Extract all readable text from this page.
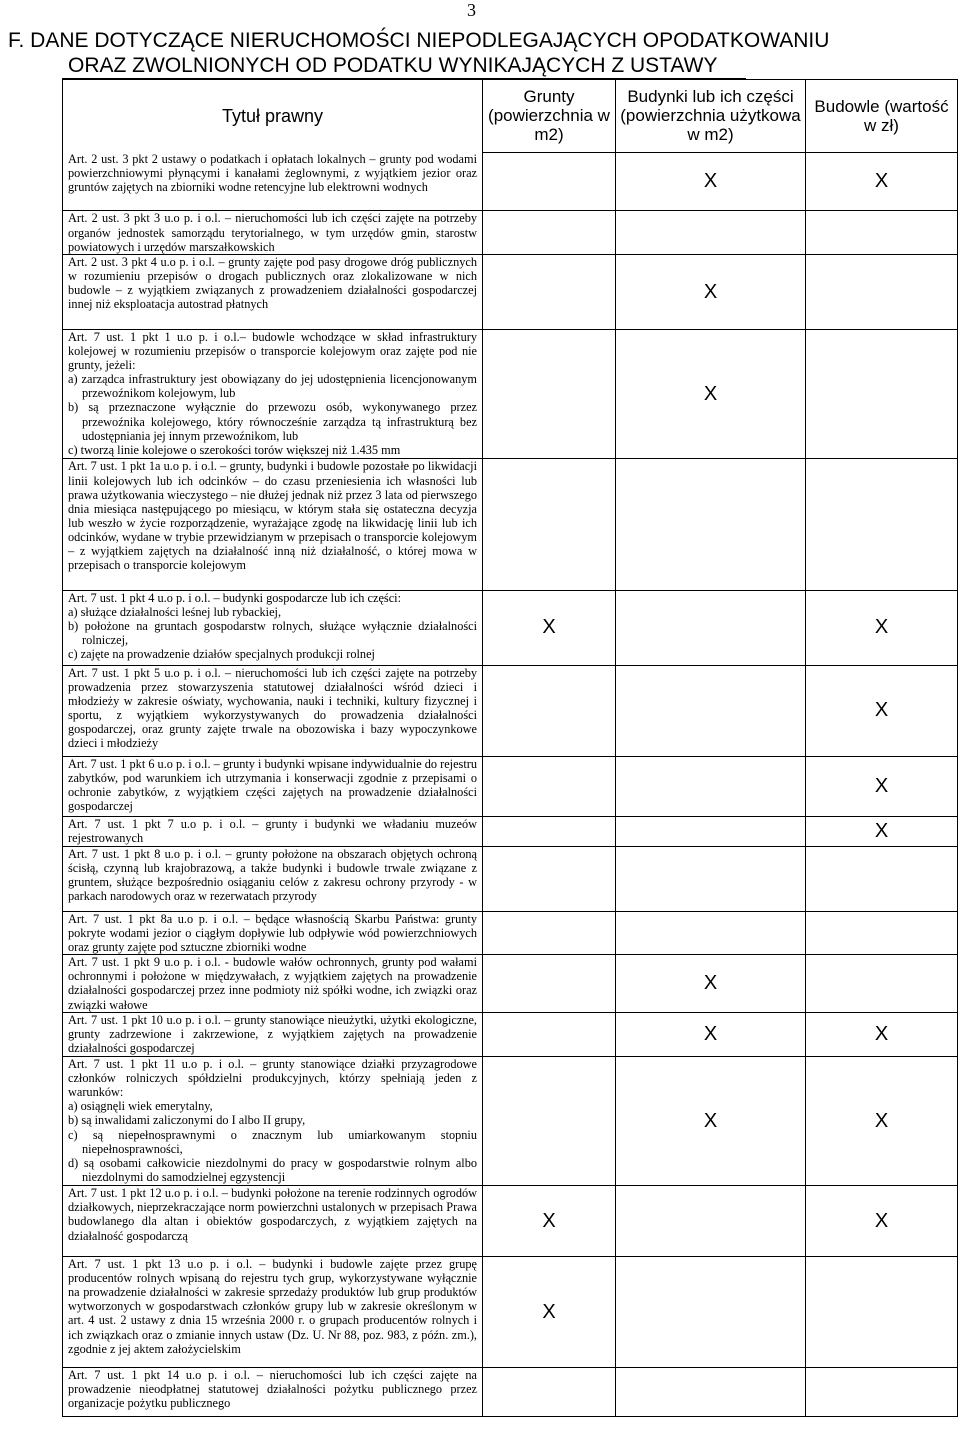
3
F. DANE DOTYCZĄCE NIERUCHOMOŚCI NIEPODLEGAJĄCYCH OPODATKOWANIU
ORAZ ZWOLNIONYCH OD PODATKU WYNIKAJĄCYCH Z USTAWY
Tytuł prawny	Grunty (powierzchnia w m2)	Budynki lub ich części (powierzchnia użytkowa w m2)	Budowle (wartość w zł)
Art. 2 ust. 3 pkt 2 ustawy o podatkach i opłatach lokalnych – grunty pod wodami powierzchniowymi płynącymi i kanałami żeglownymi, z wyjątkiem jezior oraz gruntów zajętych na zbiorniki wodne retencyjne lub elektrowni wodnych		X	X
Art. 2 ust. 3 pkt 3 u.o p. i o.l. – nieruchomości lub ich części zajęte na potrzeby organów jednostek samorządu terytorialnego, w tym urzędów gmin, starostw powiatowych i urzędów marszałkowskich			
Art. 2 ust. 3 pkt 4 u.o p. i o.l. – grunty zajęte pod pasy drogowe dróg publicznych w rozumieniu przepisów o drogach publicznych oraz zlokalizowane w nich budowle – z wyjątkiem związanych z prowadzeniem działalności gospodarczej innej niż eksploatacja autostrad płatnych		X	
Art. 7 ust. 1 pkt 1 u.o p. i o.l.– budowle wchodzące w skład infrastruktury kolejowej w rozumieniu przepisów o transporcie kolejowym oraz zajęte pod nie grunty, jeżeli:
a) zarządca infrastruktury jest obowiązany do jej udostępnienia licencjonowanym przewoźnikom kolejowym, lub
b) są przeznaczone wyłącznie do przewozu osób, wykonywanego przez przewoźnika kolejowego, który równocześnie zarządza tą infrastrukturą bez udostępniania jej innym przewoźnikom, lub
c) tworzą linie kolejowe o szerokości torów większej niż 1.435 mm		X	
Art. 7 ust. 1 pkt 1a u.o p. i o.l. – grunty, budynki i budowle pozostałe po likwidacji linii kolejowych lub ich odcinków – do czasu przeniesienia ich własności lub prawa użytkowania wieczystego – nie dłużej jednak niż przez 3 lata od pierwszego dnia miesiąca następującego po miesiącu, w którym stała się ostateczna decyzja lub weszło w życie rozporządzenie, wyrażające zgodę na likwidację linii lub ich odcinków, wydane w trybie przewidzianym w przepisach o transporcie kolejowym – z wyjątkiem zajętych na działalność inną niż działalność, o której mowa w przepisach o transporcie kolejowym			
Art. 7 ust. 1 pkt 4 u.o p. i o.l. – budynki gospodarcze lub ich części:
a) służące działalności leśnej lub rybackiej,
b) położone na gruntach gospodarstw rolnych, służące wyłącznie działalności rolniczej,
c) zajęte na prowadzenie działów specjalnych produkcji rolnej	X		X
Art. 7 ust. 1 pkt 5 u.o p. i o.l. – nieruchomości lub ich części zajęte na potrzeby prowadzenia przez stowarzyszenia statutowej działalności wśród dzieci i młodzieży w zakresie oświaty, wychowania, nauki i techniki, kultury fizycznej i sportu, z wyjątkiem wykorzystywanych do prowadzenia działalności gospodarczej, oraz grunty zajęte trwale na obozowiska i bazy wypoczynkowe dzieci i młodzieży			X
Art. 7 ust. 1 pkt 6 u.o p. i o.l. – grunty i budynki wpisane indywidualnie do rejestru zabytków, pod warunkiem ich utrzymania i konserwacji zgodnie z przepisami o ochronie zabytków, z wyjątkiem części zajętych na prowadzenie działalności gospodarczej			X
Art. 7 ust. 1 pkt 7 u.o p. i o.l. – grunty i budynki we władaniu muzeów rejestrowanych			X
Art. 7 ust. 1 pkt 8 u.o p. i o.l. – grunty położone na obszarach objętych ochroną ścisłą, czynną lub krajobrazową, a także budynki i budowle trwale związane z gruntem, służące bezpośrednio osiąganiu celów z zakresu ochrony przyrody - w parkach narodowych oraz w rezerwatach przyrody			
Art. 7 ust. 1 pkt 8a u.o p. i o.l. – będące własnością Skarbu Państwa: grunty pokryte wodami jezior o ciągłym dopływie lub odpływie wód powierzchniowych oraz grunty zajęte pod sztuczne zbiorniki wodne			
Art. 7 ust. 1 pkt 9 u.o p. i o.l. - budowle wałów ochronnych, grunty pod wałami ochronnymi i położone w międzywałach, z wyjątkiem zajętych na prowadzenie działalności gospodarczej przez inne podmioty niż spółki wodne, ich związki oraz związki wałowe		X	
Art. 7 ust. 1 pkt 10 u.o p. i o.l. – grunty stanowiące nieużytki, użytki ekologiczne, grunty zadrzewione i zakrzewione, z wyjątkiem zajętych na prowadzenie działalności gospodarczej		X	X
Art. 7 ust. 1 pkt 11 u.o p. i o.l. – grunty stanowiące działki przyzagrodowe członków rolniczych spółdzielni produkcyjnych, którzy spełniają jeden z warunków:
a) osiągnęli wiek emerytalny,
b) są inwalidami zaliczonymi do I albo II grupy,
c) są niepełnosprawnymi o znacznym lub umiarkowanym stopniu niepełnosprawności,
d) są osobami całkowicie niezdolnymi do pracy w gospodarstwie rolnym albo niezdolnymi do samodzielnej egzystencji		X	X
Art. 7 ust. 1 pkt 12 u.o p. i o.l. – budynki położone na terenie rodzinnych ogrodów działkowych, nieprzekraczające norm powierzchni ustalonych w przepisach Prawa budowlanego dla altan i obiektów gospodarczych, z wyjątkiem zajętych na działalność gospodarczą	X		X
Art. 7 ust. 1 pkt 13 u.o p. i o.l. – budynki i budowle zajęte przez grupę producentów rolnych wpisaną do rejestru tych grup, wykorzystywane wyłącznie na prowadzenie działalności w zakresie sprzedaży produktów lub grup produktów wytworzonych w gospodarstwach członków grupy lub w zakresie określonym w art. 4 ust. 2 ustawy z dnia 15 września 2000 r. o grupach producentów rolnych i ich związkach oraz o zmianie innych ustaw (Dz. U. Nr 88, poz. 983, z późn. zm.), zgodnie z jej aktem założycielskim	X		
Art. 7 ust. 1 pkt 14 u.o p. i o.l. – nieruchomości lub ich części zajęte na prowadzenie nieodpłatnej statutowej działalności pożytku publicznego przez organizacje pożytku publicznego			
